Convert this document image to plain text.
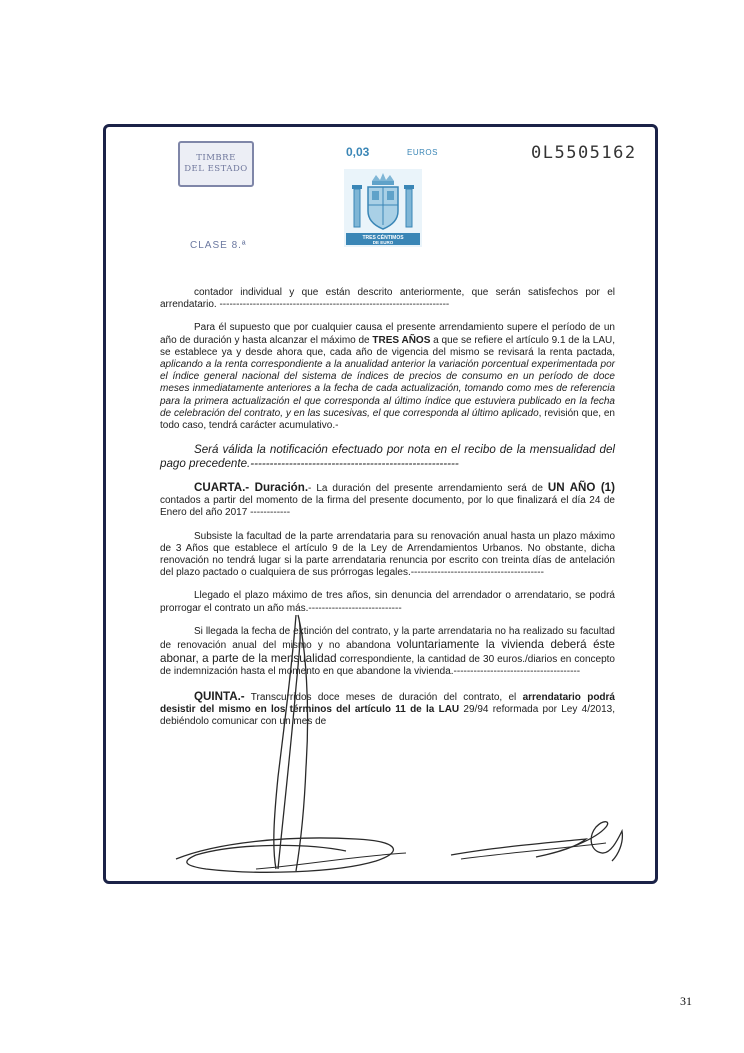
TIMBRE
DEL ESTADO
CLASE 8.ª
0,03	EUROS
TRES CÉNTIMOS
DE EURO
0L5505162

contador individual y que están descrito anteriormente, que serán satisfechos por el arrendatario. ---------------------------------------------------------------------

Para él supuesto que por cualquier causa el presente arrendamiento supere el período de un año de duración y hasta alcanzar el máximo de TRES AÑOS a que se refiere el artículo 9.1 de la LAU, se establece ya y desde ahora que, cada año de vigencia del mismo se revisará la renta pactada, aplicando a la renta correspondiente a la anualidad anterior la variación porcentual experimentada por el índice general nacional del sistema de índices de precios de consumo en un período de doce meses inmediatamente anteriores a la fecha de cada actualización, tomando como mes de referencia para la primera actualización el que corresponda al último índice que estuviera publicado en la fecha de celebración del contrato, y en las sucesivas, el que corresponda al último aplicado, revisión que, en todo caso, tendrá carácter acumulativo.-

Será válida la notificación efectuado por nota en el recibo de la mensualidad del pago precedente.------------------------------------------------------

CUARTA.- Duración.- La duración del presente arrendamiento será de UN AÑO (1) contados a partir del momento de la firma del presente documento, por lo que finalizará el día 24 de Enero del año 2017 ------------

Subsiste la facultad de la parte arrendataria para su renovación anual hasta un plazo máximo de 3 Años que establece el artículo 9 de la Ley de Arrendamientos Urbanos. No obstante, dicha renovación no tendrá lugar si la parte arrendataria renuncia por escrito con treinta días de antelación del plazo pactado o cualquiera de sus prórrogas legales.----------------------------------------

Llegado el plazo máximo de tres años, sin denuncia del arrendador o arrendatario, se podrá prorrogar el contrato un año más.----------------------------

Si llegada la fecha de extinción del contrato, y la parte arrendataria no ha realizado su facultad de renovación anual del mismo y no abandona voluntariamente la vivienda deberá éste abonar, a parte de la mensualidad correspondiente, la cantidad de 30 euros./diarios en concepto de indemnización hasta el momento en que abandone la vivienda.--------------------------------------

QUINTA.- Transcurridos doce meses de duración del contrato, el arrendatario podrá desistir del mismo en los términos del artículo 11 de la LAU 29/94 reformada por Ley 4/2013, debiéndolo comunicar con un mes de

31
